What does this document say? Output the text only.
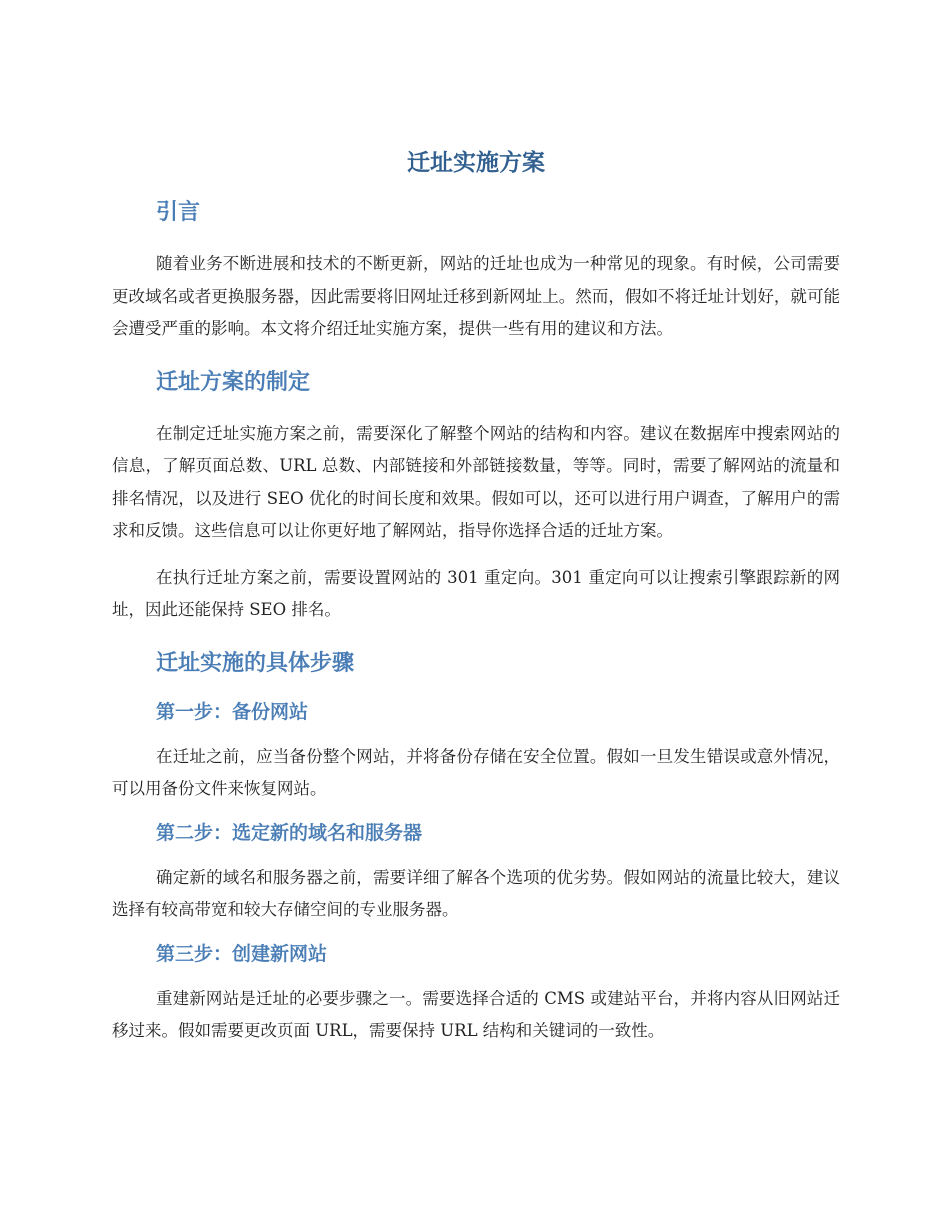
迁址实施方案
引言

随着业务不断进展和技术的不断更新，网站的迁址也成为一种常见的现象。有时候，公司需要更改域名或者更换服务器，因此需要将旧网址迁移到新网址上。然而，假如不将迁址计划好，就可能会遭受严重的影响。本文将介绍迁址实施方案，提供一些有用的建议和方法。

迁址方案的制定

在制定迁址实施方案之前，需要深化了解整个网站的结构和内容。建议在数据库中搜索网站的信息，了解页面总数、URL 总数、内部链接和外部链接数量，等等。同时，需要了解网站的流量和排名情况，以及进行 SEO 优化的时间长度和效果。假如可以，还可以进行用户调查，了解用户的需求和反馈。这些信息可以让你更好地了解网站，指导你选择合适的迁址方案。

在执行迁址方案之前，需要设置网站的 301 重定向。301 重定向可以让搜索引擎跟踪新的网址，因此还能保持 SEO 排名。

迁址实施的具体步骤
第一步：备份网站

在迁址之前，应当备份整个网站，并将备份存储在安全位置。假如一旦发生错误或意外情况，可以用备份文件来恢复网站。

第二步：选定新的域名和服务器

确定新的域名和服务器之前，需要详细了解各个选项的优劣势。假如网站的流量比较大，建议选择有较高带宽和较大存储空间的专业服务器。

第三步：创建新网站

重建新网站是迁址的必要步骤之一。需要选择合适的 CMS 或建站平台，并将内容从旧网站迁移过来。假如需要更改页面 URL，需要保持 URL 结构和关键词的一致性。
